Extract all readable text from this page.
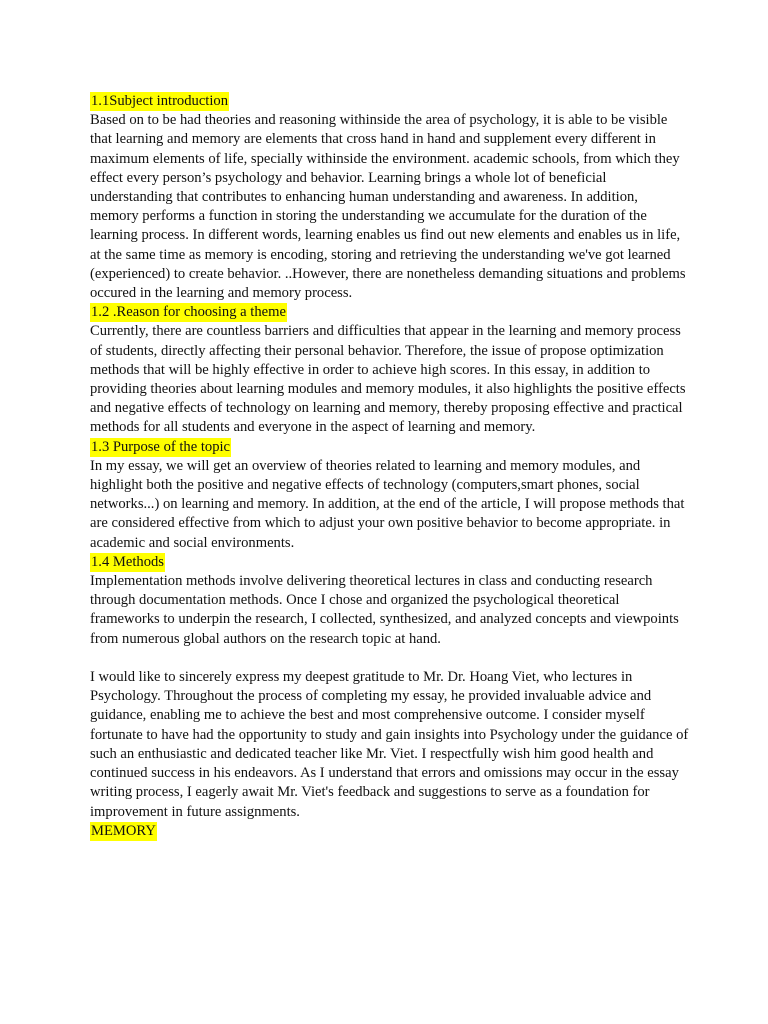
1.1Subject introduction

Based on to be had theories and reasoning withinside the area of psychology, it is able to be visible that learning and memory are elements that cross hand in hand and supplement every different in maximum elements of life, specially withinside the environment. academic schools, from which they effect every person’s psychology and behavior. Learning brings a whole lot of beneficial understanding that contributes to enhancing human understanding and awareness. In addition, memory performs a function in storing the understanding we accumulate for the duration of the learning process. In different words, learning enables us find out new elements and enables us in life, at the same time as memory is encoding, storing and retrieving the understanding we've got learned (experienced) to create behavior. ..However, there are nonetheless demanding situations and problems occured in the learning and memory process.

1.2 .Reason for choosing a theme

Currently, there are countless barriers and difficulties that appear in the learning and memory process of students, directly affecting their personal behavior. Therefore, the issue of propose optimization methods that will be highly effective in order to achieve high scores. In this essay, in addition to providing theories about learning modules and memory modules, it also highlights the positive effects and negative effects of technology on learning and memory, thereby proposing effective and practical methods for all students and everyone in the aspect of learning and memory.

1.3 Purpose of the topic

In my essay, we will get an overview of theories related to learning and memory modules, and highlight both the positive and negative effects of technology (computers,smart phones, social networks...) on learning and memory. In addition, at the end of the article, I will propose methods that are considered effective from which to adjust your own positive behavior to become appropriate. in academic and social environments.

1.4 Methods

Implementation methods involve delivering theoretical lectures in class and conducting research through documentation methods. Once I chose and organized the psychological theoretical frameworks to underpin the research, I collected, synthesized, and analyzed concepts and viewpoints from numerous global authors on the research topic at hand.

I would like to sincerely express my deepest gratitude to Mr. Dr. Hoang Viet, who lectures in Psychology. Throughout the process of completing my essay, he provided invaluable advice and guidance, enabling me to achieve the best and most comprehensive outcome. I consider myself fortunate to have had the opportunity to study and gain insights into Psychology under the guidance of such an enthusiastic and dedicated teacher like Mr. Viet. I respectfully wish him good health and continued success in his endeavors. As I understand that errors and omissions may occur in the essay writing process, I eagerly await Mr. Viet's feedback and suggestions to serve as a foundation for improvement in future assignments.

MEMORY
